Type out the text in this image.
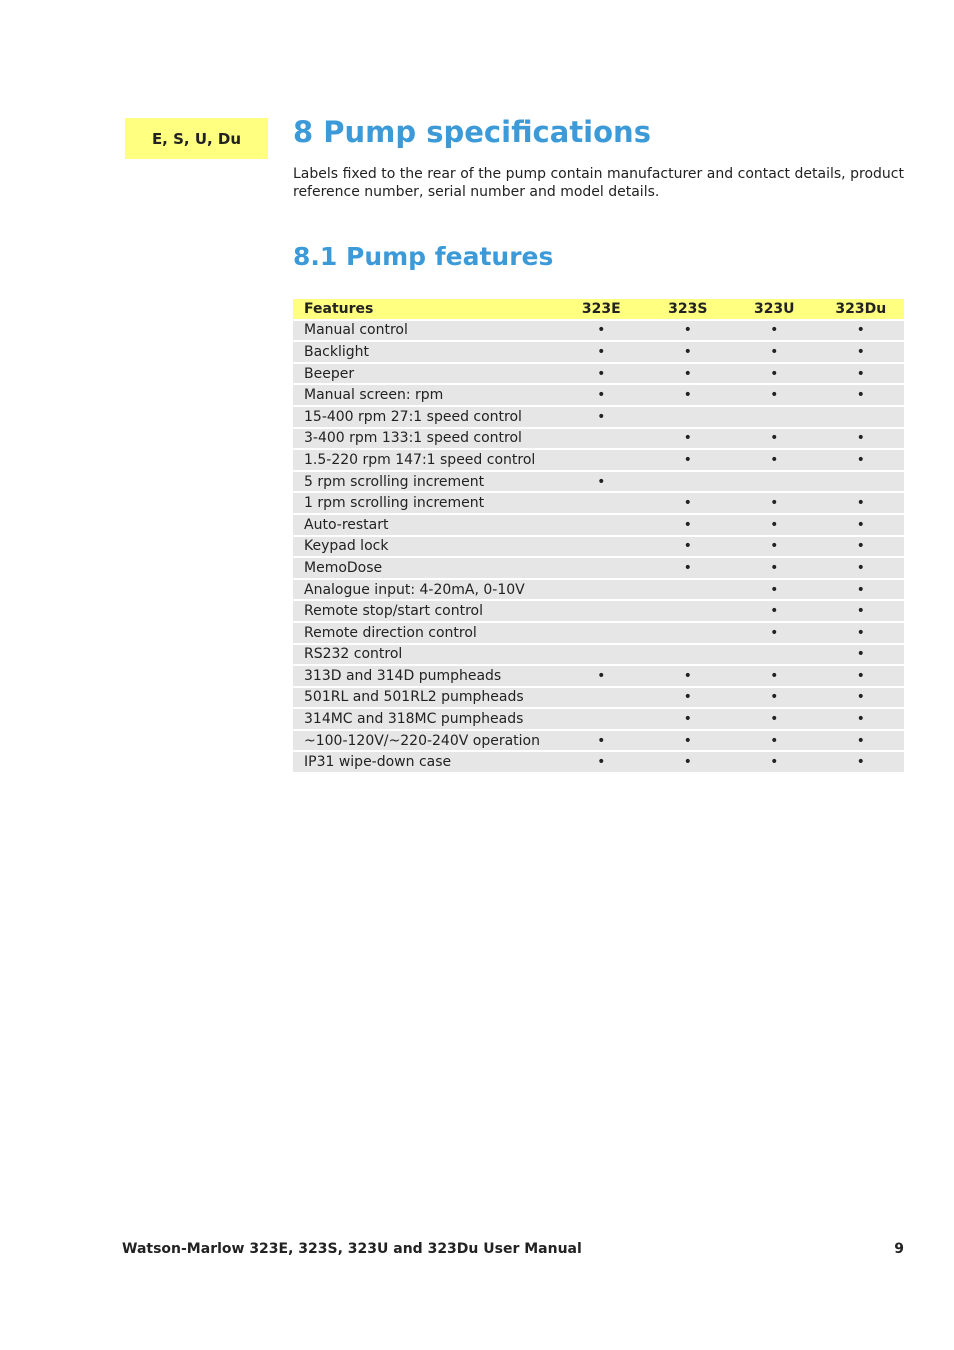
E, S, U, Du	8 Pump specifications

Labels fixed to the rear of the pump contain manufacturer and contact details, product reference number, serial number and model details.

8.1 Pump features
Features	323E	323S	323U	323Du
Manual control	•	•	•	•
Backlight	•	•	•	•
Beeper	•	•	•	•
Manual screen: rpm	•	•	•	•
15-400 rpm 27:1 speed control	•			
3-400 rpm 133:1 speed control		•	•	•
1.5-220 rpm 147:1 speed control		•	•	•
5 rpm scrolling increment	•			
1 rpm scrolling increment		•	•	•
Auto-restart		•	•	•
Keypad lock		•	•	•
MemoDose		•	•	•
Analogue input: 4-20mA, 0-10V			•	•
Remote stop/start control			•	•
Remote direction control			•	•
RS232 control				•
313D and 314D pumpheads	•	•	•	•
501RL and 501RL2 pumpheads		•	•	•
314MC and 318MC pumpheads		•	•	•
~100-120V/~220-240V operation	•	•	•	•
IP31 wipe-down case	•	•	•	•
Watson-Marlow 323E, 323S, 323U and 323Du User Manual	9
